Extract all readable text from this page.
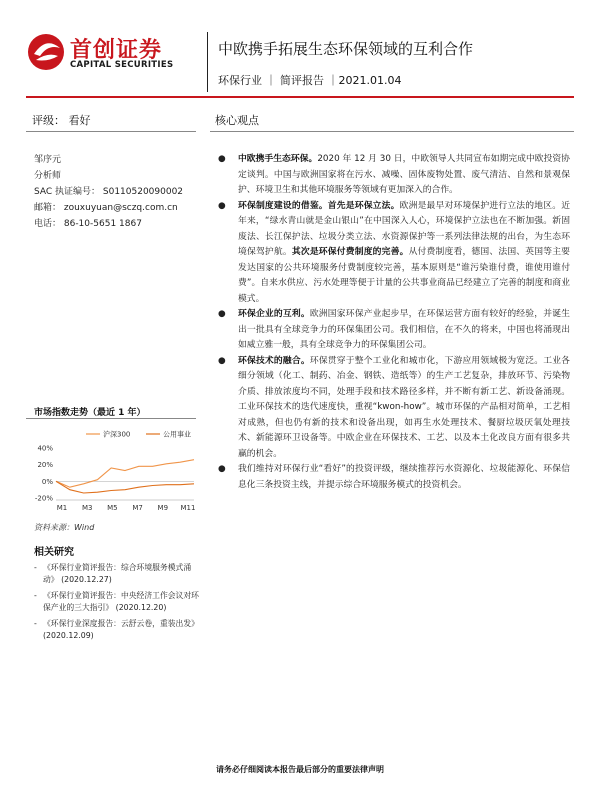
首创证券
CAPITAL SECURITIES
中欧携手拓展生态环保领域的互利合作
环保行业 ｜ 简评报告 ｜2021.01.04
评级： 看好
邹序元
分析师
SAC 执证编号： S0110520090002
邮箱： zouxuyuan@sczq.com.cn
电话： 86-10-5651 1867
市场指数走势（最近 1 年）
沪深300	公用事业
40%
20%
0%
-20%
M1 M3 M5 M7 M9 M11
资料来源：Wind
相关研究
- 《环保行业简评报告：综合环境服务模式涌动》 (2020.12.27)
- 《环保行业简评报告：中央经济工作会议对环保产业的三大指引》 (2020.12.20)
- 《环保行业深度报告：云舒云卷，重装出发》 (2020.12.09)
核心观点
● 中欧携手生态环保。2020 年 12 月 30 日，中欧领导人共同宣布如期完成中欧投资协定谈判。中国与欧洲国家将在污水、减噪、固体废物处置、废气清洁、自然和景观保护、环境卫生和其他环境服务等领域有更加深入的合作。
● 环保制度建设的借鉴。首先是环保立法。欧洲是最早对环境保护进行立法的地区。近年来，“绿水青山就是金山银山”在中国深入人心，环境保护立法也在不断加强。新固废法、长江保护法、垃圾分类立法、水资源保护等一系列法律法规的出台，为生态环境保驾护航。其次是环保付费制度的完善。从付费制度看，德国、法国、英国等主要发达国家的公共环境服务付费制度较完善，基本原则是“谁污染谁付费，谁使用谁付费”。自来水供应、污水处理等便于计量的公共事业商品已经建立了完善的制度和商业模式。
● 环保企业的互利。欧洲国家环保产业起步早，在环保运营方面有较好的经验，并诞生出一批具有全球竞争力的环保集团公司。我们相信，在不久的将来，中国也将涌现出如威立雅一般，具有全球竞争力的环保集团公司。
● 环保技术的融合。环保贯穿于整个工业化和城市化，下游应用领域极为宽泛。工业各细分领域（化工、制药、冶金、钢铁、造纸等）的生产工艺复杂，排放环节、污染物介质、排放浓度均不同，处理手段和技术路径多样，并不断有新工艺、新设备涌现。工业环保技术的迭代速度快，重视“kwon-how”。城市环保的产品相对简单，工艺相对成熟，但也仍有新的技术和设备出现，如再生水处理技术、餐厨垃圾厌氧处理技术、新能源环卫设备等。中欧企业在环保技术、工艺、以及本土化改良方面有很多共赢的机会。
● 我们维持对环保行业“看好”的投资评级，继续推荐污水资源化、垃圾能源化、环保信息化三条投资主线，并提示综合环境服务模式的投资机会。
请务必仔细阅读本报告最后部分的重要法律声明
